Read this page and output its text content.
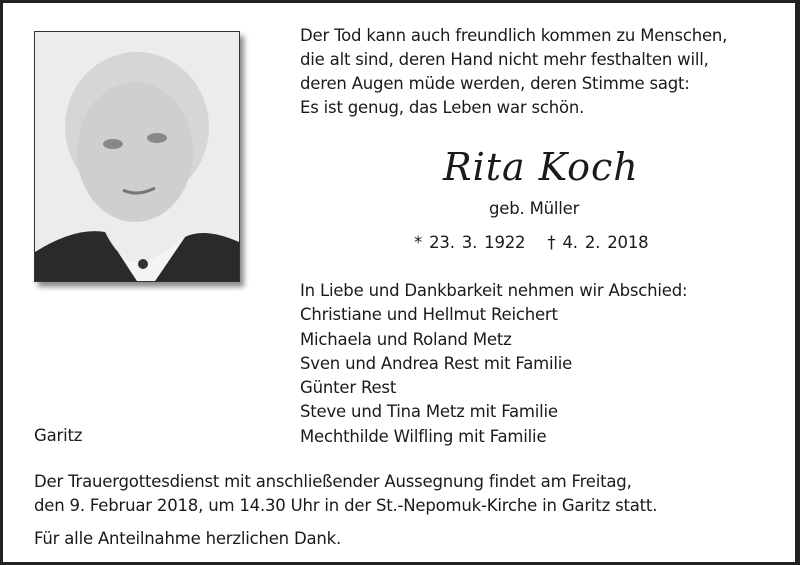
Der Tod kann auch freundlich kommen zu Menschen,
die alt sind, deren Hand nicht mehr festhalten will,
deren Augen müde werden, deren Stimme sagt:
Es ist genug, das Leben war schön.
Rita Koch
geb. Müller
* 23. 3. 1922 † 4. 2. 2018
In Liebe und Dankbarkeit nehmen wir Abschied:
Christiane und Hellmut Reichert
Michaela und Roland Metz
Sven und Andrea Rest mit Familie
Günter Rest
Steve und Tina Metz mit Familie
Mechthilde Wilfling mit Familie
Garitz
Der Trauergottesdienst mit anschließender Aussegnung findet am Freitag,
den 9. Februar 2018, um 14.30 Uhr in der St.-Nepomuk-Kirche in Garitz statt.
Für alle Anteilnahme herzlichen Dank.
